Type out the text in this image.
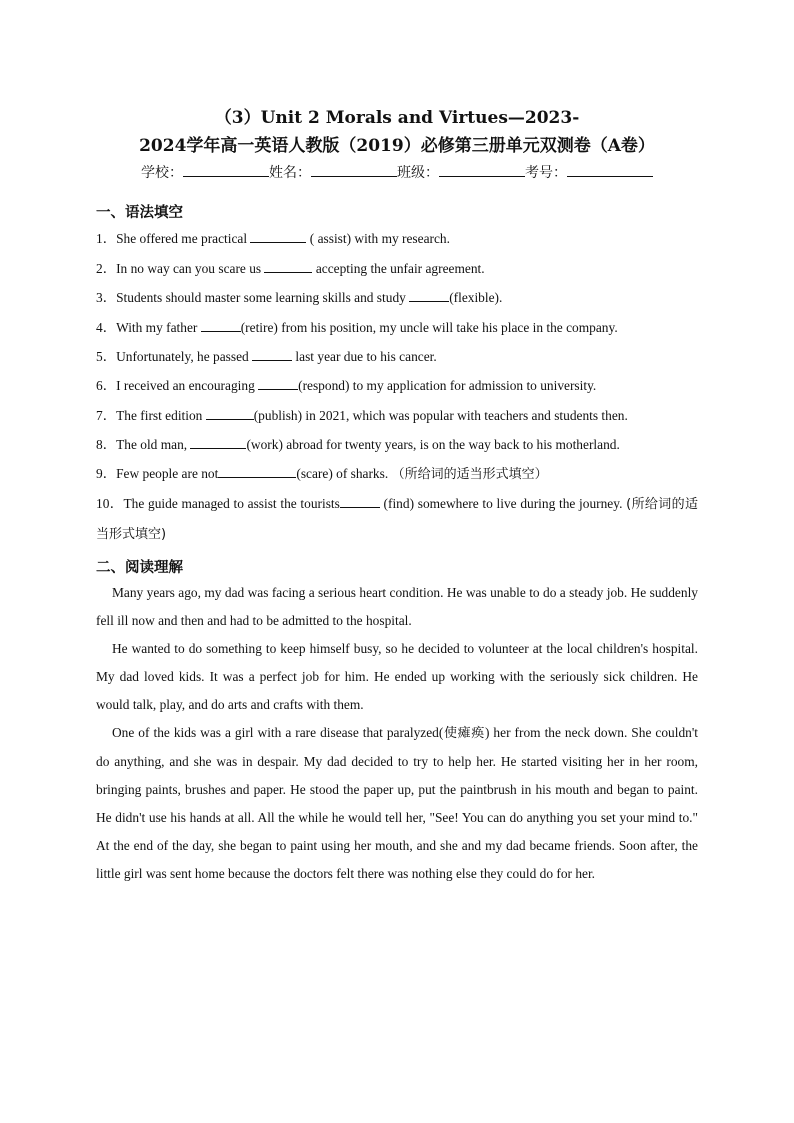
（3）Unit 2 Morals and Virtues—2023-
2024学年高一英语人教版（2019）必修第三册单元双测卷（A卷）
学校：	姓名：	班级：	考号：
一、语法填空
1．She offered me practical	( assist) with my research.
2．In no way can you scare us	accepting the unfair agreement.
3．Students should master some learning skills and study	(flexible).
4．With my father	(retire) from his position, my uncle will take his place in the company.
5．Unfortunately, he passed	last year due to his cancer.
6．I received an encouraging	(respond) to my application for admission to university.
7．The first edition	(publish) in 2021, which was popular with teachers and students then.
8．The old man,	(work) abroad for twenty years, is on the way back to his motherland.
9．Few people are not	(scare) of sharks. （所给词的适当形式填空）
10．The guide managed to assist the tourists	(find) somewhere to live during the journey. (所给词的适当形式填空)
二、阅读理解
Many years ago, my dad was facing a serious heart condition. He was unable to do a steady job. He suddenly fell ill now and then and had to be admitted to the hospital.
He wanted to do something to keep himself busy, so he decided to volunteer at the local children's hospital. My dad loved kids. It was a perfect job for him. He ended up working with the seriously sick children. He would talk, play, and do arts and crafts with them.
One of the kids was a girl with a rare disease that paralyzed(使瘫痪) her from the neck down. She couldn't do anything, and she was in despair. My dad decided to try to help her. He started visiting her in her room, bringing paints, brushes and paper. He stood the paper up, put the paintbrush in his mouth and began to paint. He didn't use his hands at all. All the while he would tell her, "See! You can do anything you set your mind to." At the end of the day, she began to paint using her mouth, and she and my dad became friends. Soon after, the little girl was sent home because the doctors felt there was nothing else they could do for her.
